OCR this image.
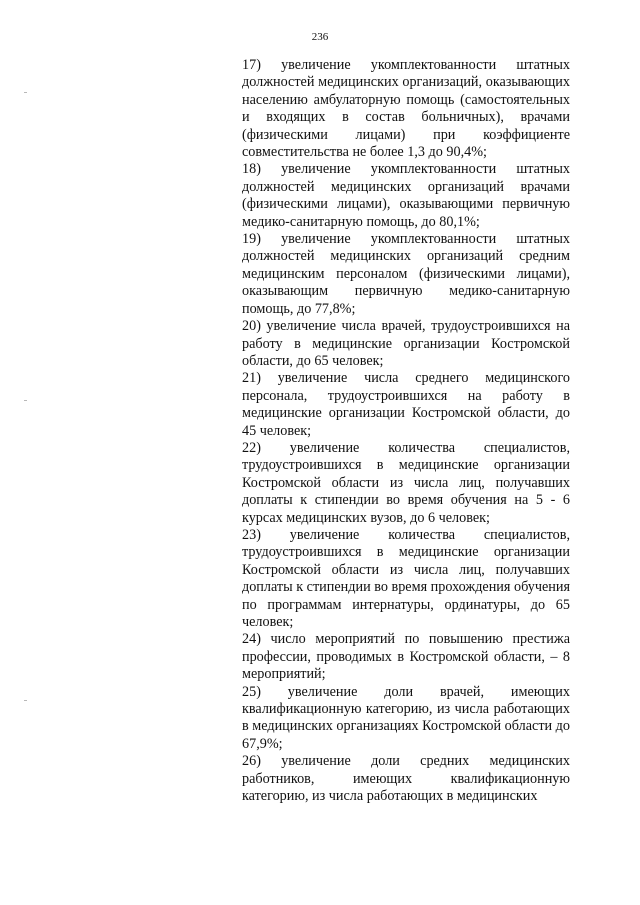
236

17) увеличение укомплектованности штатных должностей медицинских организаций, оказывающих населению амбулаторную помощь (самостоятельных и входящих в состав больничных), врачами (физическими лицами) при коэффициенте совместительства не более 1,3 до 90,4%;

18) увеличение укомплектованности штатных должностей медицинских организаций врачами (физическими лицами), оказывающими первичную медико-санитарную помощь, до 80,1%;

19) увеличение укомплектованности штатных должностей медицинских организаций средним медицинским персоналом (физическими лицами), оказывающим первичную медико-санитарную помощь, до 77,8%;

20) увеличение числа врачей, трудоустроившихся на работу в медицинские организации Костромской области, до 65 человек;

21) увеличение числа среднего медицинского персонала, трудоустроившихся на работу в медицинские организации Костромской области, до 45 человек;

22) увеличение количества специалистов, трудоустроившихся в медицинские организации Костромской области из числа лиц, получавших доплаты к стипендии во время обучения на 5 - 6 курсах медицинских вузов, до 6 человек;

23) увеличение количества специалистов, трудоустроившихся в медицинские организации Костромской области из числа лиц, получавших доплаты к стипендии во время прохождения обучения по программам интернатуры, ординатуры, до 65 человек;

24) число мероприятий по повышению престижа профессии, проводимых в Костромской области, – 8 мероприятий;

25) увеличение доли врачей, имеющих квалификационную категорию, из числа работающих в медицинских организациях Костромской области до 67,9%;

26) увеличение доли средних медицинских работников, имеющих квалификационную категорию, из числа работающих в медицинских
